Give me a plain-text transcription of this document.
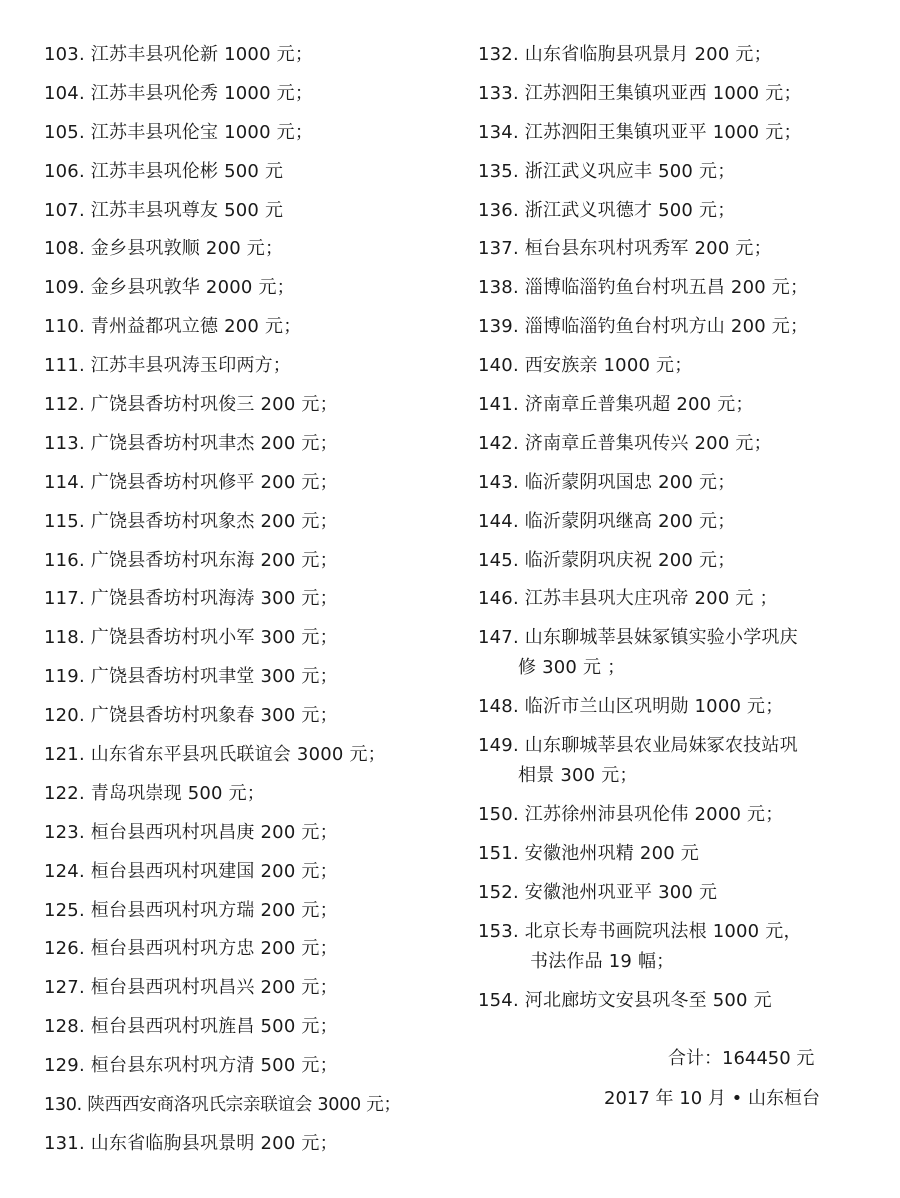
103. 江苏丰县巩伦新 1000 元；
104. 江苏丰县巩伦秀 1000 元；
105. 江苏丰县巩伦宝 1000 元；
106. 江苏丰县巩伦彬 500 元
107. 江苏丰县巩尊友 500 元
108. 金乡县巩敦顺 200 元；
109. 金乡县巩敦华 2000 元；
110. 青州益都巩立德 200 元；
111. 江苏丰县巩涛玉印两方；
112. 广饶县香坊村巩俊三 200 元；
113. 广饶县香坊村巩聿杰 200 元；
114. 广饶县香坊村巩修平 200 元；
115. 广饶县香坊村巩象杰 200 元；
116. 广饶县香坊村巩东海 200 元；
117. 广饶县香坊村巩海涛 300 元；
118. 广饶县香坊村巩小军 300 元；
119. 广饶县香坊村巩聿堂 300 元；
120. 广饶县香坊村巩象春 300 元；
121. 山东省东平县巩氏联谊会 3000 元；
122. 青岛巩崇现 500 元；
123. 桓台县西巩村巩昌庚 200 元；
124. 桓台县西巩村巩建国 200 元；
125. 桓台县西巩村巩方瑞 200 元；
126. 桓台县西巩村巩方忠 200 元；
127. 桓台县西巩村巩昌兴 200 元；
128. 桓台县西巩村巩旌昌 500 元；
129. 桓台县东巩村巩方清 500 元；
130. 陕西西安商洛巩氏宗亲联谊会 3000 元；
131. 山东省临朐县巩景明 200 元；
132. 山东省临朐县巩景月 200 元；
133. 江苏泗阳王集镇巩亚西 1000 元；
134. 江苏泗阳王集镇巩亚平 1000 元；
135. 浙江武义巩应丰 500 元；
136. 浙江武义巩德才 500 元；
137. 桓台县东巩村巩秀军 200 元；
138. 淄博临淄钓鱼台村巩五昌 200 元；
139. 淄博临淄钓鱼台村巩方山 200 元；
140. 西安族亲 1000 元；
141. 济南章丘普集巩超 200 元；
142. 济南章丘普集巩传兴 200 元；
143. 临沂蒙阴巩国忠 200 元；
144. 临沂蒙阴巩继高 200 元；
145. 临沂蒙阴巩庆祝 200 元；
146. 江苏丰县巩大庄巩帝 200 元 ；
147. 山东聊城莘县妹冢镇实验小学巩庆
修 300 元 ；
148. 临沂市兰山区巩明勋 1000 元；
149. 山东聊城莘县农业局妹冢农技站巩
相景 300 元；
150. 江苏徐州沛县巩伦伟 2000 元；
151. 安徽池州巩精 200 元
152. 安徽池州巩亚平 300 元
153. 北京长寿书画院巩法根 1000 元，
书法作品 19 幅；
154. 河北廊坊文安县巩冬至 500 元
合计：164450 元
2017 年 10 月 • 山东桓台
